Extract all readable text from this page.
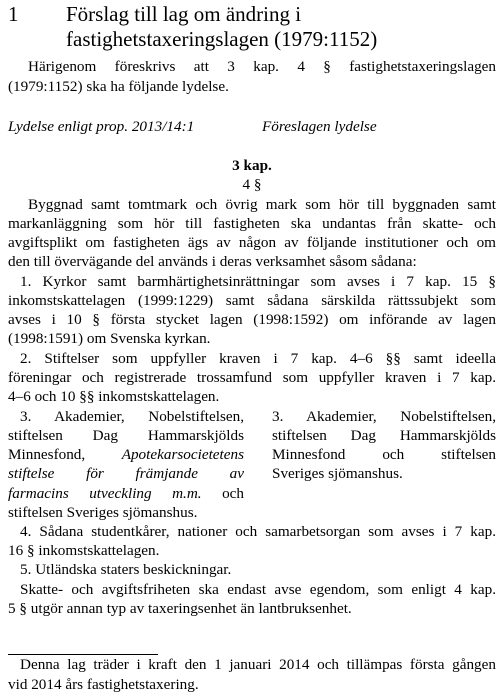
1 Förslag till lag om ändring i
fastighetstaxeringslagen (1979:1152)
Härigenom föreskrivs att 3 kap. 4 § fastighetstaxeringslagen
(1979:1152) ska ha följande lydelse.
Lydelse enligt prop. 2013/14:1	Föreslagen lydelse
3 kap.
4 §
Byggnad samt tomtmark och övrig mark som hör till byggnaden samt
markanläggning som hör till fastigheten ska undantas från skatte- och
avgiftsplikt om fastigheten ägs av någon av följande institutioner och om
den till övervägande del används i deras verksamhet såsom sådana:
1. Kyrkor samt barmhärtighetsinrättningar som avses i 7 kap. 15 §
inkomstskattelagen (1999:1229) samt sådana särskilda rättssubjekt som
avses i 10 § första stycket lagen (1998:1592) om införande av lagen
(1998:1591) om Svenska kyrkan.
2. Stiftelser som uppfyller kraven i 7 kap. 4–6 §§ samt ideella
föreningar och registrerade trossamfund som uppfyller kraven i 7 kap.
4–6 och 10 §§ inkomstskattelagen.
3. Akademier, Nobelstiftelsen,
stiftelsen Dag Hammarskjölds
Minnesfond, Apotekarsocietetens
stiftelse för främjande av
farmacins utveckling m.m. och
stiftelsen Sveriges sjömanshus.
3. Akademier, Nobelstiftelsen,
stiftelsen Dag Hammarskjölds
Minnesfond och stiftelsen
Sveriges sjömanshus.
4. Sådana studentkårer, nationer och samarbetsorgan som avses i 7 kap.
16 § inkomstskattelagen.
5. Utländska staters beskickningar.
Skatte- och avgiftsfriheten ska endast avse egendom, som enligt 4 kap.
5 § utgör annan typ av taxeringsenhet än lantbruksenhet.
Denna lag träder i kraft den 1 januari 2014 och tillämpas första gången
vid 2014 års fastighetstaxering.
